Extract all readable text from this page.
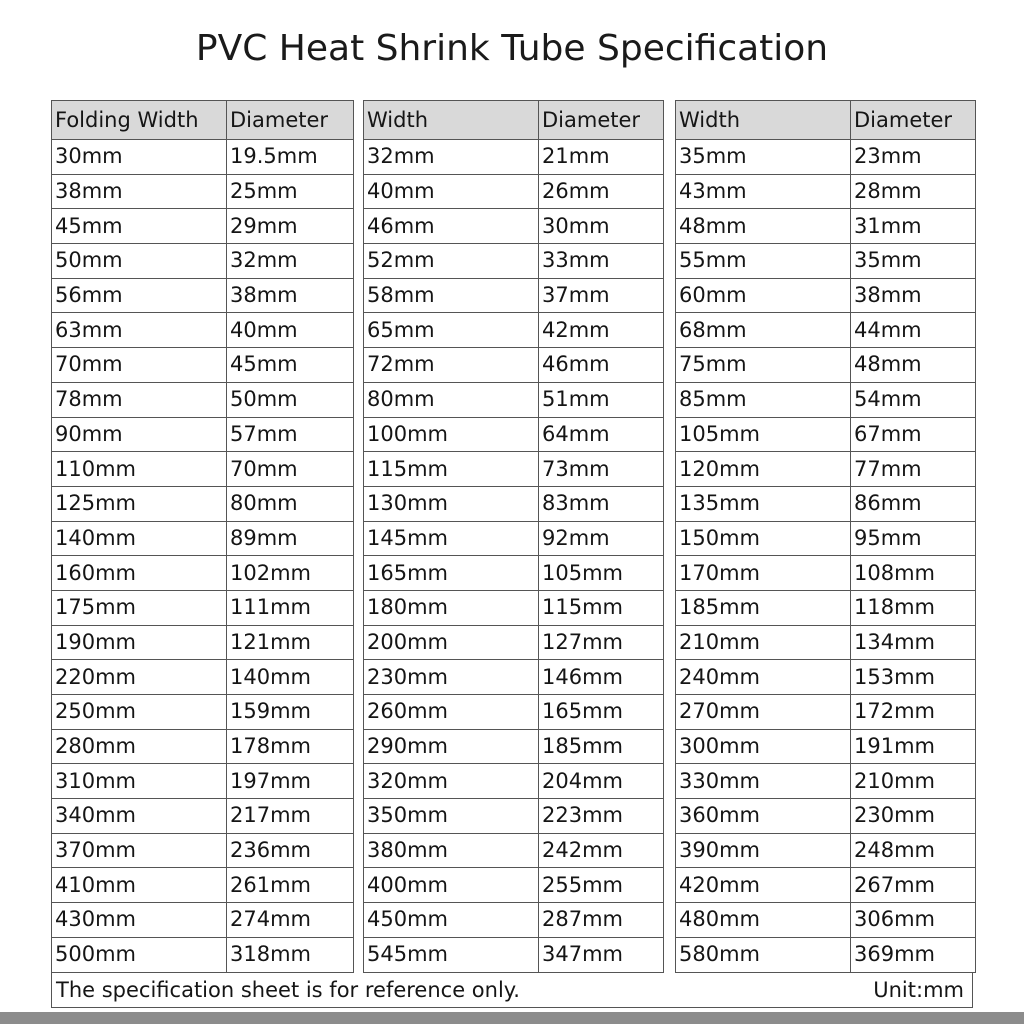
PVC Heat Shrink Tube Specification
Folding Width	Diameter
30mm	19.5mm
38mm	25mm
45mm	29mm
50mm	32mm
56mm	38mm
63mm	40mm
70mm	45mm
78mm	50mm
90mm	57mm
110mm	70mm
125mm	80mm
140mm	89mm
160mm	102mm
175mm	111mm
190mm	121mm
220mm	140mm
250mm	159mm
280mm	178mm
310mm	197mm
340mm	217mm
370mm	236mm
410mm	261mm
430mm	274mm
500mm	318mm
Width	Diameter
32mm	21mm
40mm	26mm
46mm	30mm
52mm	33mm
58mm	37mm
65mm	42mm
72mm	46mm
80mm	51mm
100mm	64mm
115mm	73mm
130mm	83mm
145mm	92mm
165mm	105mm
180mm	115mm
200mm	127mm
230mm	146mm
260mm	165mm
290mm	185mm
320mm	204mm
350mm	223mm
380mm	242mm
400mm	255mm
450mm	287mm
545mm	347mm
Width	Diameter
35mm	23mm
43mm	28mm
48mm	31mm
55mm	35mm
60mm	38mm
68mm	44mm
75mm	48mm
85mm	54mm
105mm	67mm
120mm	77mm
135mm	86mm
150mm	95mm
170mm	108mm
185mm	118mm
210mm	134mm
240mm	153mm
270mm	172mm
300mm	191mm
330mm	210mm
360mm	230mm
390mm	248mm
420mm	267mm
480mm	306mm
580mm	369mm
The specification sheet is for reference only.	Unit:mm
